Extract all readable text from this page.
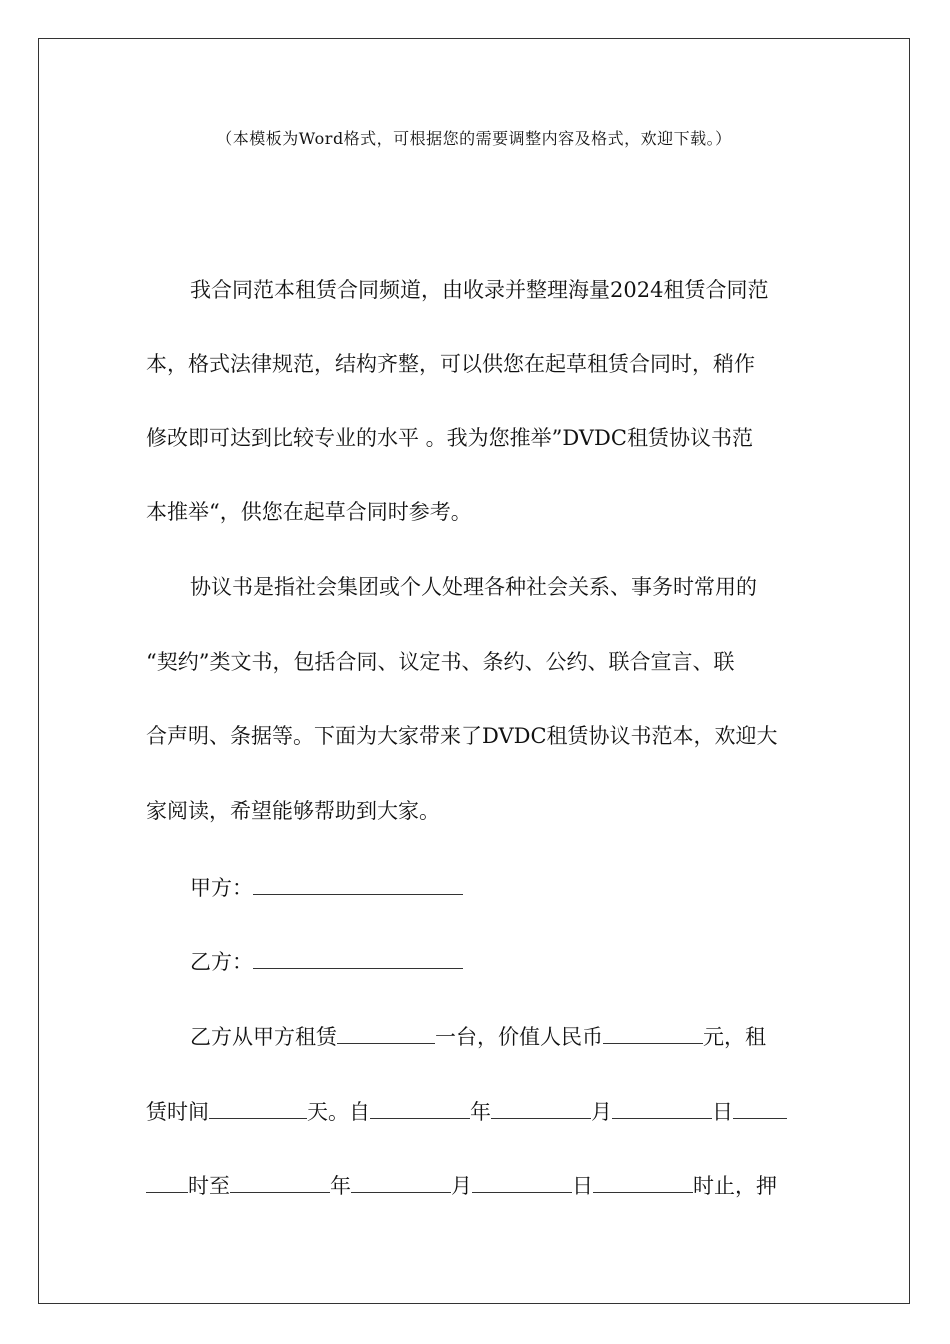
（本模板为Word格式，可根据您的需要调整内容及格式，欢迎下载。）
我合同范本租赁合同频道，由收录并整理海量2024租赁合同范
本，格式法律规范，结构齐整，可以供您在起草租赁合同时，稍作
修改即可达到比较专业的水平 。我为您推举”DVDC租赁协议书范
本推举“，供您在起草合同时参考。
协议书是指社会集团或个人处理各种社会关系、事务时常用的
“契约”类文书，包括合同、议定书、条约、公约、联合宣言、联
合声明、条据等。下面为大家带来了DVDC租赁协议书范本，欢迎大
家阅读，希望能够帮助到大家。
甲方：
乙方：
乙方从甲方租赁	一台，价值人民币	元，租
赁时间	天。自	年	月	日
时至	年	月	日	时止，押
